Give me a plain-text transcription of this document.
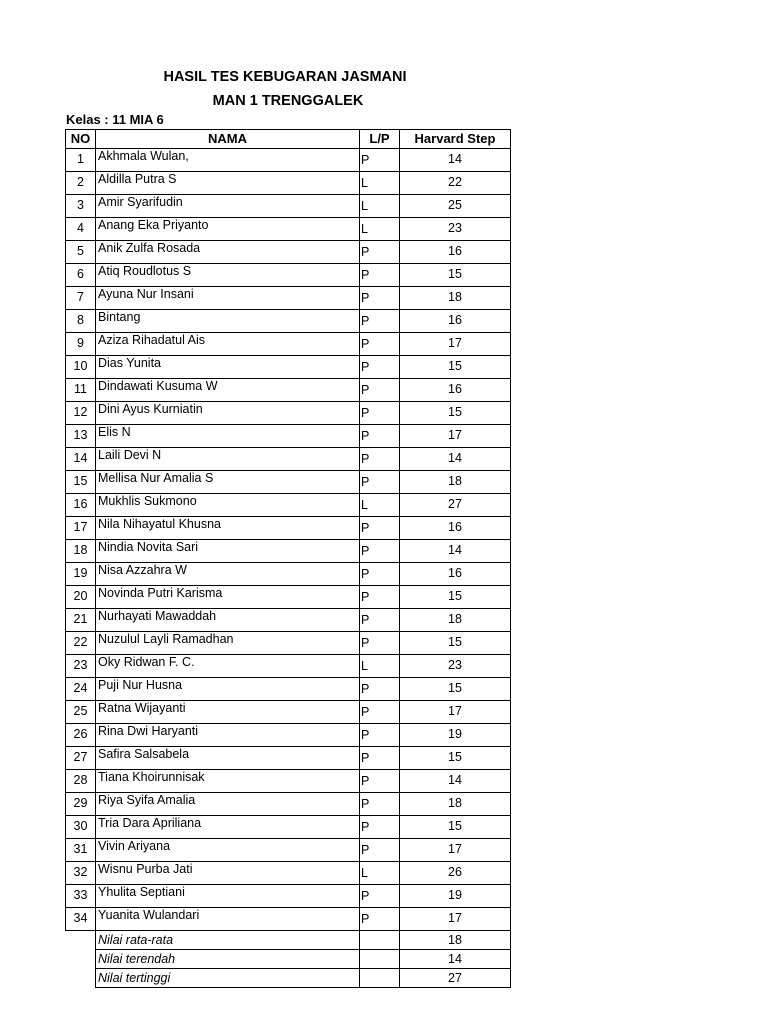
HASIL TES KEBUGARAN JASMANI
MAN 1 TRENGGALEK
Kelas : 11 MIA 6
NO	NAMA	L/P	Harvard Step
1	Akhmala Wulan,	P	14
2	Aldilla Putra S	L	22
3	Amir Syarifudin	L	25
4	Anang Eka Priyanto	L	23
5	Anik Zulfa Rosada	P	16
6	Atiq Roudlotus S	P	15
7	Ayuna Nur Insani	P	18
8	Bintang	P	16
9	Aziza Rihadatul Ais	P	17
10	Dias Yunita	P	15
11	Dindawati Kusuma W	P	16
12	Dini Ayus Kurniatin	P	15
13	Elis N	P	17
14	Laili Devi N	P	14
15	Mellisa Nur Amalia S	P	18
16	Mukhlis Sukmono	L	27
17	Nila Nihayatul Khusna	P	16
18	Nindia Novita Sari	P	14
19	Nisa Azzahra W	P	16
20	Novinda Putri Karisma	P	15
21	Nurhayati Mawaddah	P	18
22	Nuzulul Layli Ramadhan	P	15
23	Oky Ridwan F. C.	L	23
24	Puji Nur Husna	P	15
25	Ratna Wijayanti	P	17
26	Rina Dwi Haryanti	P	19
27	Safira Salsabela	P	15
28	Tiana Khoirunnisak	P	14
29	Riya Syifa Amalia	P	18
30	Tria Dara Apriliana	P	15
31	Vivin Ariyana	P	17
32	Wisnu Purba Jati	L	26
33	Yhulita Septiani	P	19
34	Yuanita Wulandari	P	17
	Nilai rata-rata		18
	Nilai terendah		14
	Nilai tertinggi		27
